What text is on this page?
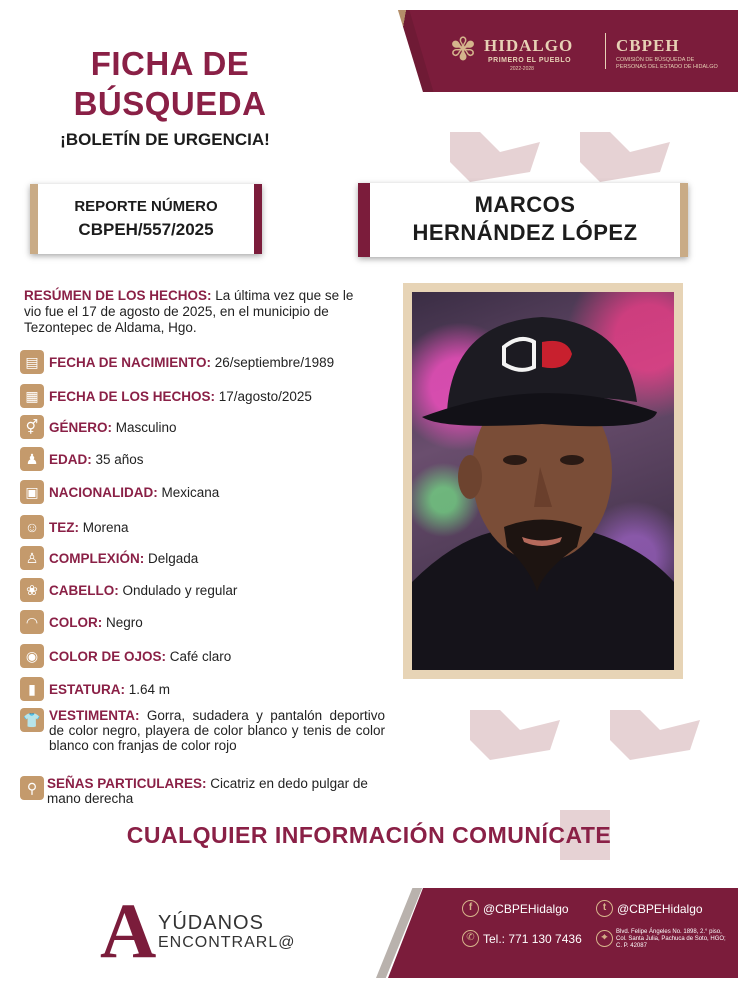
✾ HIDALGO
PRIMERO EL PUEBLO
2022-2028
CBPEH
COMISIÓN DE BÚSQUEDA DE PERSONAS DEL ESTADO DE HIDALGO
FICHA DE
BÚSQUEDA
¡BOLETÍN DE URGENCIA!
REPORTE NÚMERO
CBPEH/557/2025
MARCOS
HERNÁNDEZ LÓPEZ
RESÚMEN DE LOS HECHOS: La última vez que se le vio fue el 17 de agosto de 2025, en el municipio de Tezontepec de Aldama, Hgo.
▤ FECHA DE NACIMIENTO: 26/septiembre/1989
▦ FECHA DE LOS HECHOS: 17/agosto/2025
⚥ GÉNERO: Masculino
♟ EDAD: 35 años
▣ NACIONALIDAD: Mexicana
☺ TEZ: Morena
♙ COMPLEXIÓN: Delgada
❀ CABELLO: Ondulado y regular
◠ COLOR: Negro
◉ COLOR DE OJOS: Café claro
▮ ESTATURA: 1.64 m
👕 VESTIMENTA: Gorra, sudadera y pantalón deportivo de color negro, playera de color blanco y tenis de color blanco con franjas de color rojo
⚲ SEÑAS PARTICULARES: Cicatriz en dedo pulgar de mano derecha
CUALQUIER INFORMACIÓN COMUNÍCATE
A YÚDANOS
ENCONTRARL@
f @CBPEHidalgo	t @CBPEHidalgo
✆ Tel.: 771 130 7436	⌖	Blvd. Felipe Ángeles No. 1898, 2.° piso, Col. Santa Julia, Pachuca de Soto, HGO; C. P. 42087
